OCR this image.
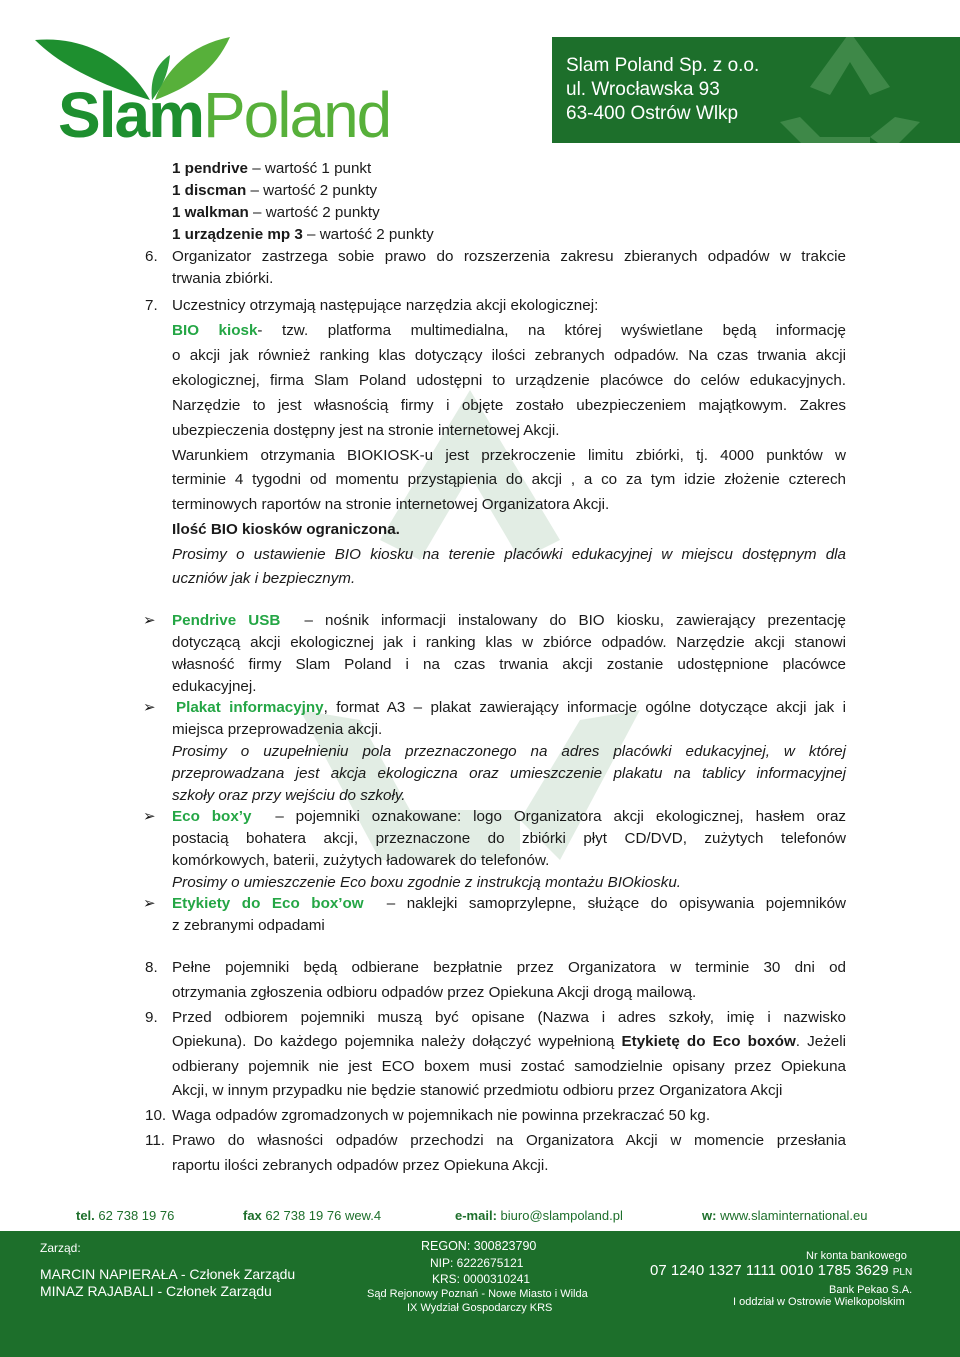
SlamPoland
Slam Poland Sp. z o.o.
ul. Wrocławska 93
63-400 Ostrów Wlkp
1 pendrive – wartość 1 punkt
1 discman – wartość 2 punkty
1 walkman – wartość 2 punkty
1 urządzenie mp 3 – wartość 2 punkty
6. Organizator zastrzega sobie prawo do rozszerzenia zakresu zbieranych odpadów w trakcie
trwania zbiórki.
7. Uczestnicy otrzymają następujące narzędzia akcji ekologicznej:
BIO kiosk- tzw. platforma multimedialna, na której wyświetlane będą informację
o akcji jak również ranking klas dotyczący ilości zebranych odpadów. Na czas trwania akcji
ekologicznej, firma Slam Poland udostępni to urządzenie placówce do celów edukacyjnych.
Narzędzie to jest własnością firmy i objęte zostało ubezpieczeniem majątkowym. Zakres
ubezpieczenia dostępny jest na stronie internetowej Akcji.
Warunkiem otrzymania BIOKIOSK-u jest przekroczenie limitu zbiórki, tj. 4000 punktów w
terminie 4 tygodni od momentu przystąpienia do akcji , a co za tym idzie złożenie czterech
terminowych raportów na stronie internetowej Organizatora Akcji.
Ilość BIO kiosków ograniczona.
Prosimy o ustawienie BIO kiosku na terenie placówki edukacyjnej w miejscu dostępnym dla
uczniów jak i bezpiecznym.
➢ Pendrive USB – nośnik informacji instalowany do BIO kiosku, zawierający prezentację
dotyczącą akcji ekologicznej jak i ranking klas w zbiórce odpadów. Narzędzie akcji stanowi
własność firmy Slam Poland i na czas trwania akcji zostanie udostępnione placówce
edukacyjnej.
➢ Plakat informacyjny, format A3 – plakat zawierający informacje ogólne dotyczące akcji jak i
miejsca przeprowadzenia akcji.
Prosimy o uzupełnieniu pola przeznaczonego na adres placówki edukacyjnej, w której
przeprowadzana jest akcja ekologiczna oraz umieszczenie plakatu na tablicy informacyjnej
szkoły oraz przy wejściu do szkoły.
➢ Eco box’y – pojemniki oznakowane: logo Organizatora akcji ekologicznej, hasłem oraz
postacią bohatera akcji, przeznaczone do zbiórki płyt CD/DVD, zużytych telefonów
komórkowych, baterii, zużytych ładowarek do telefonów.
Prosimy o umieszczenie Eco boxu zgodnie z instrukcją montażu BIOkiosku.
➢ Etykiety do Eco box’ow – naklejki samoprzylepne, służące do opisywania pojemników
z zebranymi odpadami
8. Pełne pojemniki będą odbierane bezpłatnie przez Organizatora w terminie 30 dni od
otrzymania zgłoszenia odbioru odpadów przez Opiekuna Akcji drogą mailową.
9. Przed odbiorem pojemniki muszą być opisane (Nazwa i adres szkoły, imię i nazwisko
Opiekuna). Do każdego pojemnika należy dołączyć wypełnioną Etykietę do Eco boxów. Jeżeli
odbierany pojemnik nie jest ECO boxem musi zostać samodzielnie opisany przez Opiekuna
Akcji, w innym przypadku nie będzie stanowić przedmiotu odbioru przez Organizatora Akcji
10. Waga odpadów zgromadzonych w pojemnikach nie powinna przekraczać 50 kg.
11. Prawo do własności odpadów przechodzi na Organizatora Akcji w momencie przesłania
raportu ilości zebranych odpadów przez Opiekuna Akcji.
tel. 62 738 19 76	fax 62 738 19 76 wew.4	e-mail: biuro@slampoland.pl	w: www.slaminternational.eu
Zarząd:
MARCIN NAPIERAŁA - Członek Zarządu
MINAZ RAJABALI - Członek Zarządu
REGON: 300823790
NIP: 6222675121
KRS: 0000310241
Sąd Rejonowy Poznań - Nowe Miasto i Wilda
IX Wydział Gospodarczy KRS
Nr konta bankowego
07 1240 1327 1111 0010 1785 3629 PLN
Bank Pekao S.A.
I oddział w Ostrowie Wielkopolskim
